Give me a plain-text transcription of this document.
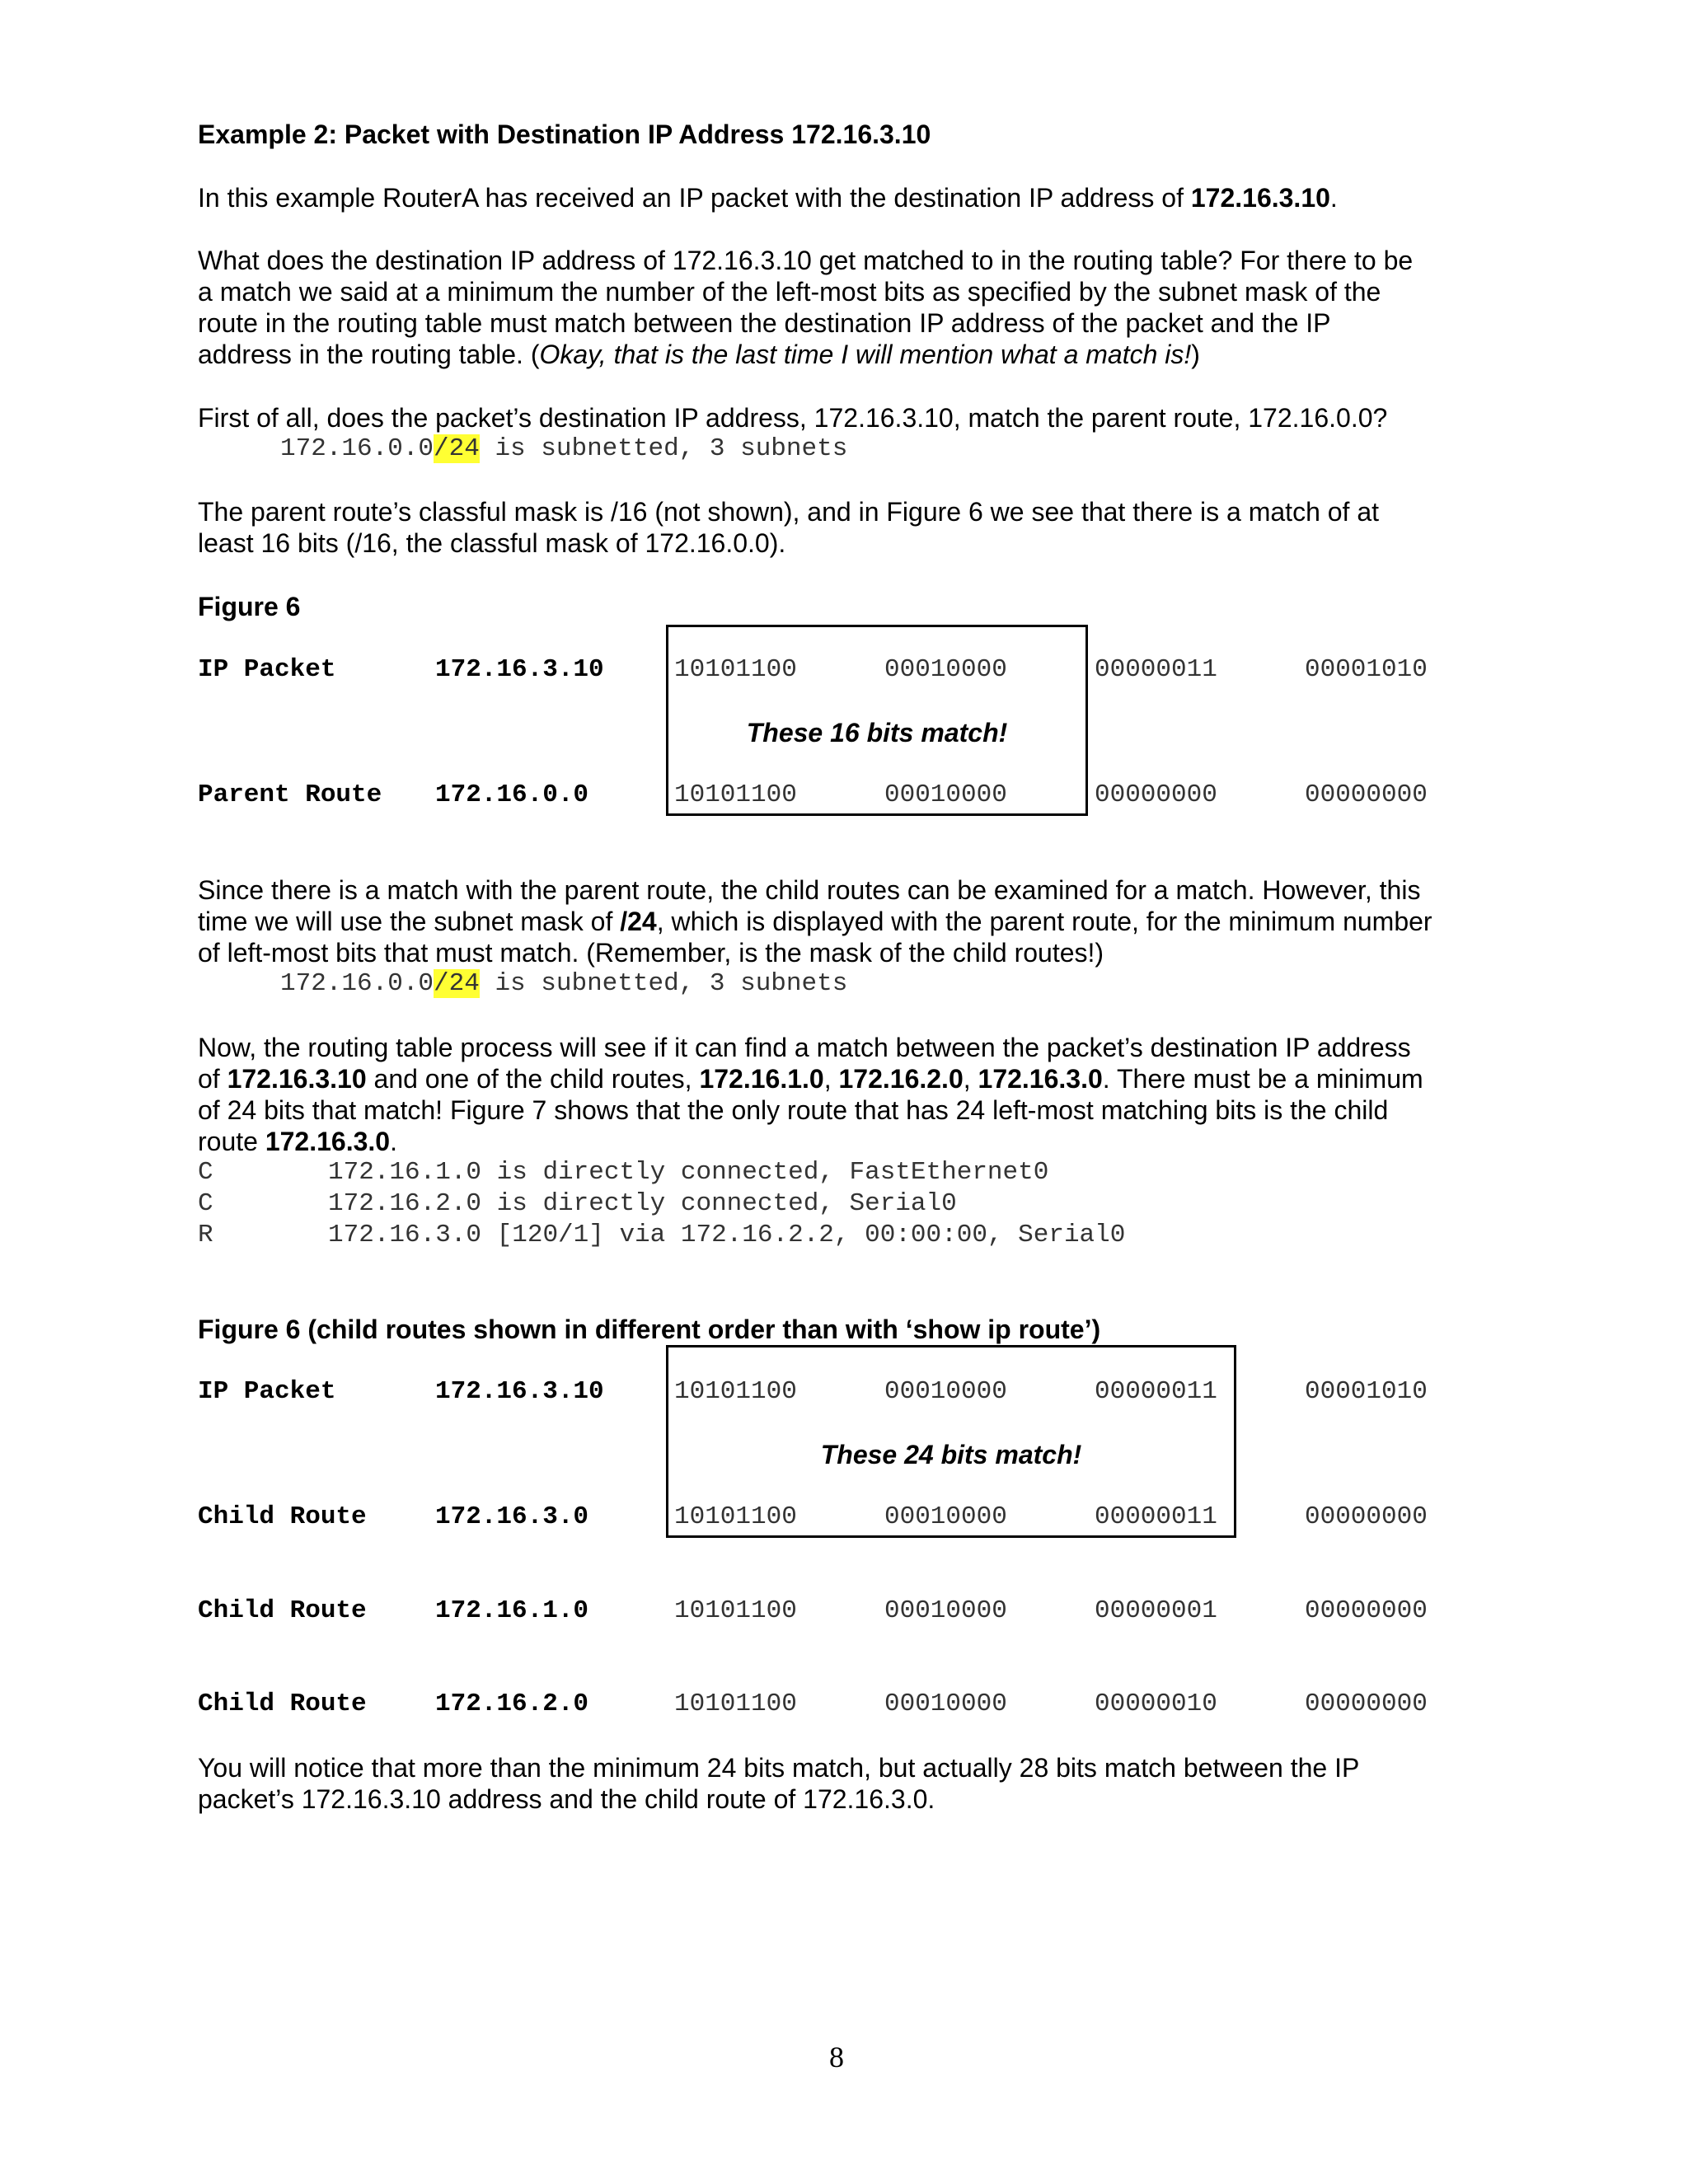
Example 2: Packet with Destination IP Address 172.16.3.10
In this example RouterA has received an IP packet with the destination IP address of 172.16.3.10.
What does the destination IP address of 172.16.3.10 get matched to in the routing table? For there to be
a match we said at a minimum the number of the left-most bits as specified by the subnet mask of the
route in the routing table must match between the destination IP address of the packet and the IP
address in the routing table. (Okay, that is the last time I will mention what a match is!)
First of all, does the packet’s destination IP address, 172.16.3.10, match the parent route, 172.16.0.0?
172.16.0.0/24 is subnetted, 3 subnets
The parent route’s classful mask is /16 (not shown), and in Figure 6 we see that there is a match of at
least 16 bits (/16, the classful mask of 172.16.0.0).
Figure 6
IP Packet	172.16.3.10	10101100	00010000	00000011	00001010
These 16 bits match!
Parent Route 172.16.0.0	10101100	00010000	00000000	00000000
Since there is a match with the parent route, the child routes can be examined for a match. However, this
time we will use the subnet mask of /24, which is displayed with the parent route, for the minimum number
of left-most bits that must match. (Remember, is the mask of the child routes!)
172.16.0.0/24 is subnetted, 3 subnets
Now, the routing table process will see if it can find a match between the packet’s destination IP address
of 172.16.3.10 and one of the child routes, 172.16.1.0, 172.16.2.0, 172.16.3.0. There must be a minimum
of 24 bits that match! Figure 7 shows that the only route that has 24 left-most matching bits is the child
route 172.16.3.0.
C	172.16.1.0 is directly connected, FastEthernet0
C	172.16.2.0 is directly connected, Serial0
R	172.16.3.0 [120/1] via 172.16.2.2, 00:00:00, Serial0
Figure 6 (child routes shown in different order than with ‘show ip route’)
IP Packet	172.16.3.10	10101100	00010000	00000011	00001010
These 24 bits match!
Child Route	172.16.3.0	10101100	00010000	00000011	00000000
Child Route	172.16.1.0	10101100	00010000	00000001	00000000
Child Route	172.16.2.0	10101100	00010000	00000010	00000000
You will notice that more than the minimum 24 bits match, but actually 28 bits match between the IP
packet’s 172.16.3.10 address and the child route of 172.16.3.0.
8
